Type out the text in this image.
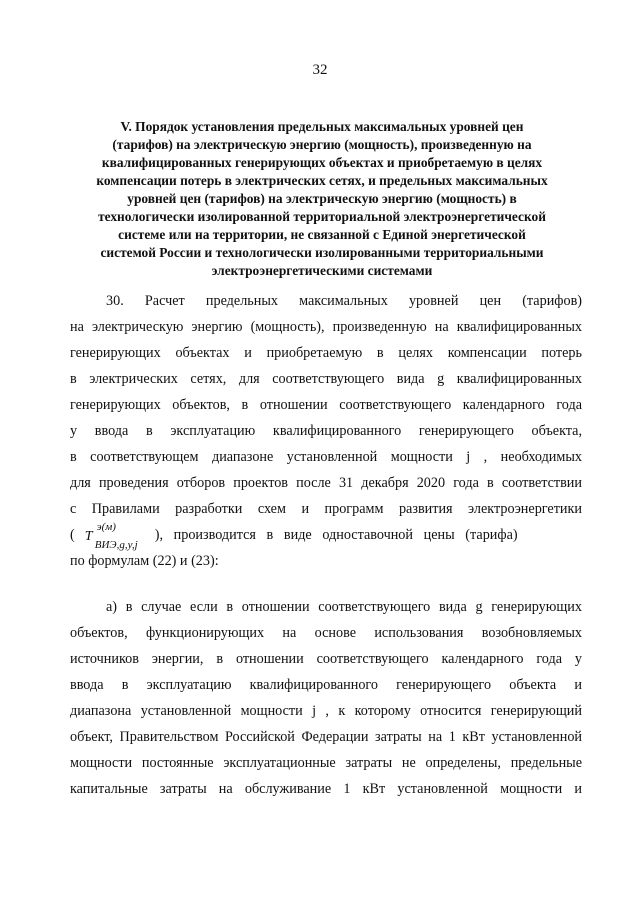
32
V. Порядок установления предельных максимальных уровней цен
(тарифов) на электрическую энергию (мощность), произведенную на
квалифицированных генерирующих объектах и приобретаемую в целях
компенсации потерь в электрических сетях, и предельных максимальных
уровней цен (тарифов) на электрическую энергию (мощность) в
технологически изолированной территориальной электроэнергетической
системе или на территории, не связанной с Единой энергетической
системой России и технологически изолированными территориальными
электроэнергетическими системами
30. Расчет предельных максимальных уровней цен (тарифов)
на электрическую энергию (мощность), произведенную на квалифицированных
генерирующих объектах и приобретаемую в целях компенсации потерь
в электрических сетях, для соответствующего вида g квалифицированных
генерирующих объектов, в отношении соответствующего календарного года
y ввода в эксплуатацию квалифицированного генерирующего объекта,
в соответствующем диапазоне установленной мощности j , необходимых
для проведения отборов проектов после 31 декабря 2020 года в соответствии
с Правилами разработки схем и программ развития электроэнергетики
( T
э(м)
ВИЭ,g,y,j
),   производится   в   виде   одноставочной   цены   (тарифа)
по формулам (22) и (23):
а) в случае если в отношении соответствующего вида g генерирующих
объектов, функционирующих на основе использования возобновляемых
источников энергии, в отношении соответствующего календарного года y
ввода в эксплуатацию квалифицированного генерирующего объекта и
диапазона установленной мощности j , к которому относится генерирующий
объект, Правительством Российской Федерации затраты на 1 кВт установленной
мощности постоянные эксплуатационные затраты не определены, предельные
капитальные затраты на обслуживание 1 кВт установленной мощности и
